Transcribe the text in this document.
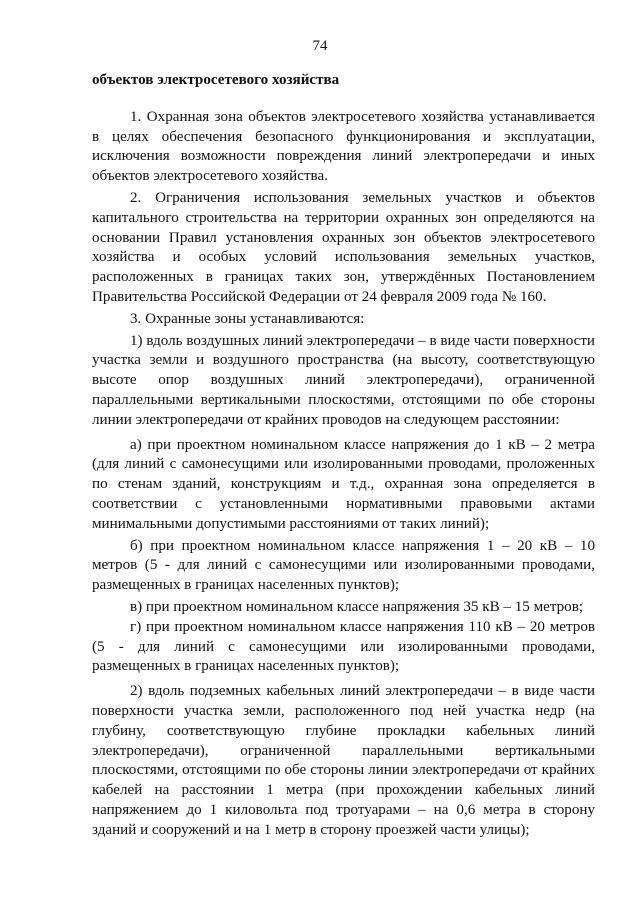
74
объектов электросетевого хозяйства

1. Охранная зона объектов электросетевого хозяйства устанавливается в целях обеспечения безопасного функционирования и эксплуатации, исключения возможности повреждения линий электропередачи и иных объектов электросетевого хозяйства.

2. Ограничения использования земельных участков и объектов капитального строительства на территории охранных зон определяются на основании Правил установления охранных зон объектов электросетевого хозяйства и особых условий использования земельных участков, расположенных в границах таких зон, утверждённых Постановлением Правительства Российской Федерации от 24 февраля 2009 года № 160.

3. Охранные зоны устанавливаются:

1) вдоль воздушных линий электропередачи – в виде части поверхности участка земли и воздушного пространства (на высоту, соответствующую высоте опор воздушных линий электропередачи), ограниченной параллельными вертикальными плоскостями, отстоящими по обе стороны линии электропередачи от крайних проводов на следующем расстоянии:

а) при проектном номинальном классе напряжения до 1 кВ – 2 метра (для линий с самонесущими или изолированными проводами, проложенных по стенам зданий, конструкциям и т.д., охранная зона определяется в соответствии с установленными нормативными правовыми актами минимальными допустимыми расстояниями от таких линий);

б) при проектном номинальном классе напряжения 1 – 20 кВ – 10 метров (5 - для линий с самонесущими или изолированными проводами, размещенных в границах населенных пунктов);

в) при проектном номинальном классе напряжения 35 кВ – 15 метров;

г) при проектном номинальном классе напряжения 110 кВ – 20 метров (5 - для линий с самонесущими или изолированными проводами, размещенных в границах населенных пунктов);

2) вдоль подземных кабельных линий электропередачи – в виде части поверхности участка земли, расположенного под ней участка недр (на глубину, соответствующую глубине прокладки кабельных линий электропередачи), ограниченной параллельными вертикальными плоскостями, отстоящими по обе стороны линии электропередачи от крайних кабелей на расстоянии 1 метра (при прохождении кабельных линий напряжением до 1 киловольта под тротуарами – на 0,6 метра в сторону зданий и сооружений и на 1 метр в сторону проезжей части улицы);
